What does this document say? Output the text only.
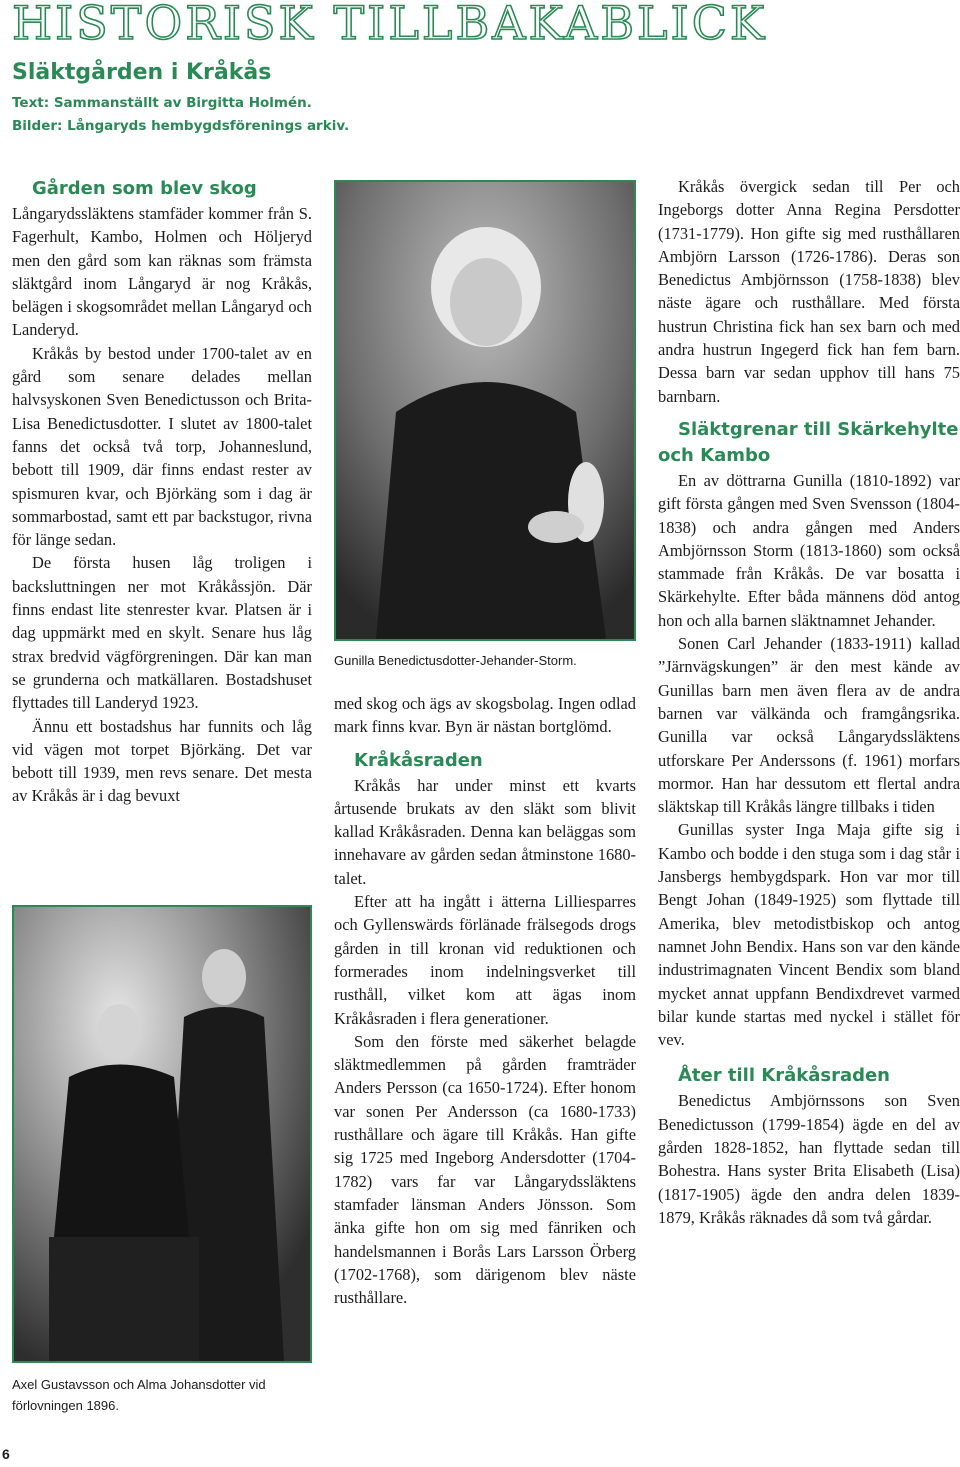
HISTORISK TILLBAKABLICK
Släktgården i Kråkås
Text: Sammanställt av Birgitta Holmén.
Bilder: Långaryds hembygdsförenings arkiv.
Gården som blev skog

Långarydssläktens stamfäder kommer från S. Fagerhult, Kambo, Holmen och Höljeryd men den gård som kan räknas som främsta släktgård inom Långaryd är nog Kråkås, belägen i skogsområdet mellan Långaryd och Landeryd.

Kråkås by bestod under 1700-talet av en gård som senare delades mellan halvsyskonen Sven Benedictusson och Brita-Lisa Benedictusdotter. I slutet av 1800-talet fanns det också två torp, Johanneslund, bebott till 1909, där finns endast rester av spismuren kvar, och Björkäng som i dag är sommarbostad, samt ett par backstugor, rivna för länge sedan.

De första husen låg troligen i backsluttningen ner mot Kråkåssjön. Där finns endast lite stenrester kvar. Platsen är i dag uppmärkt med en skylt. Senare hus låg strax bredvid vägförgreningen. Där kan man se grunderna och matkällaren. Bostadshuset flyttades till Landeryd 1923.

Ännu ett bostadshus har funnits och låg vid vägen mot torpet Björkäng. Det var bebott till 1939, men revs senare. Det mesta av Kråkås är i dag bevuxt

Axel Gustavsson och Alma Johansdotter vid förlovningen 1896.
Gunilla Benedictusdotter-Jehander-Storm.

med skog och ägs av skogsbolag. Ingen odlad mark finns kvar. Byn är nästan bortglömd.

Kråkåsraden

Kråkås har under minst ett kvarts årtusende brukats av den släkt som blivit kallad Kråkåsraden. Denna kan beläggas som innehavare av gården sedan åtminstone 1680-talet.

Efter att ha ingått i ätterna Lilliesparres och Gyllenswärds förlänade frälsegods drogs gården in till kronan vid reduktionen och formerades inom indelningsverket till rusthåll, vilket kom att ägas inom Kråkåsraden i flera generationer.

Som den förste med säkerhet belagde släktmedlemmen på gården framträder Anders Persson (ca 1650-1724). Efter honom var sonen Per Andersson (ca 1680-1733) rusthållare och ägare till Kråkås. Han gifte sig 1725 med Ingeborg Andersdotter (1704-1782) vars far var Långarydssläktens stamfader länsman Anders Jönsson. Som änka gifte hon om sig med fänriken och handelsmannen i Borås Lars Larsson Örberg (1702-1768), som därigenom blev näste rusthållare.

Kråkås övergick sedan till Per och Ingeborgs dotter Anna Regina Persdotter (1731-1779). Hon gifte sig med rusthållaren Ambjörn Larsson (1726-1786). Deras son Benedictus Ambjörnsson (1758-1838) blev näste ägare och rusthållare. Med första hustrun Christina fick han sex barn och med andra hustrun Ingegerd fick han fem barn. Dessa barn var sedan upphov till hans 75 barnbarn.

Släktgrenar till Skärkehylte och Kambo

En av döttrarna Gunilla (1810-1892) var gift första gången med Sven Svensson (1804-1838) och andra gången med Anders Ambjörnsson Storm (1813-1860) som också stammade från Kråkås. De var bosatta i Skärkehylte. Efter båda männens död antog hon och alla barnen släktnamnet Jehander.

Sonen Carl Jehander (1833-1911) kallad ”Järnvägskungen” är den mest kände av Gunillas barn men även flera av de andra barnen var välkända och framgångsrika. Gunilla var också Långarydssläktens utforskare Per Anderssons (f. 1961) morfars mormor. Han har dessutom ett flertal andra släktskap till Kråkås längre tillbaks i tiden

Gunillas syster Inga Maja gifte sig i Kambo och bodde i den stuga som i dag står i Jansbergs hembygdspark. Hon var mor till Bengt Johan (1849-1925) som flyttade till Amerika, blev metodistbiskop och antog namnet John Bendix. Hans son var den kände industrimagnaten Vincent Bendix som bland mycket annat uppfann Bendixdrevet varmed bilar kunde startas med nyckel i stället för vev.

Åter till Kråkåsraden

Benedictus Ambjörnssons son Sven Benedictusson (1799-1854) ägde en del av gården 1828-1852, han flyttade sedan till Bohestra. Hans syster Brita Elisabeth (Lisa) (1817-1905) ägde den andra delen 1839-1879, Kråkås räknades då som två gårdar.

6
